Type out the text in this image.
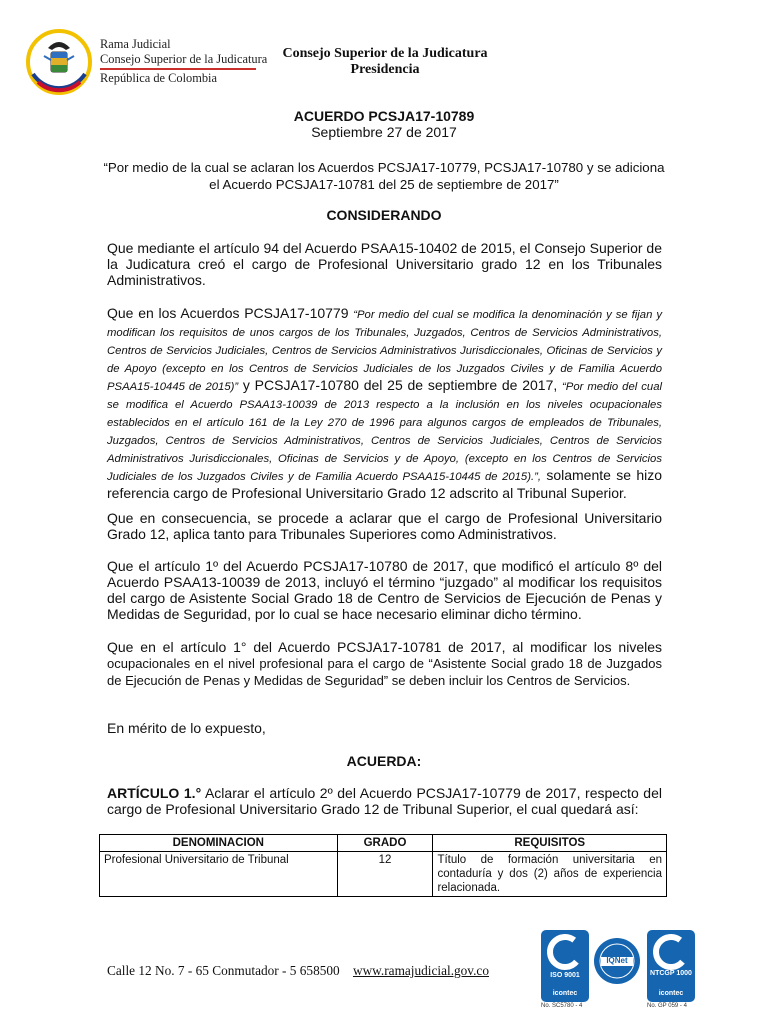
Rama Judicial
Consejo Superior de la Judicatura
República de Colombia
Consejo Superior de la Judicatura
Presidencia
ACUERDO PCSJA17-10789
Septiembre 27 de 2017
“Por medio de la cual se aclaran los Acuerdos PCSJA17-10779, PCSJA17-10780 y se adiciona el Acuerdo PCSJA17-10781 del 25 de septiembre de 2017”
CONSIDERANDO
Que mediante el artículo 94 del Acuerdo PSAA15-10402 de 2015, el Consejo Superior de la Judicatura creó el cargo de Profesional Universitario grado 12 en los Tribunales Administrativos.
Que en los Acuerdos PCSJA17-10779 “Por medio del cual se modifica la denominación y se fijan y modifican los requisitos de unos cargos de los Tribunales, Juzgados, Centros de Servicios Administrativos, Centros de Servicios Judiciales, Centros de Servicios Administrativos Jurisdiccionales, Oficinas de Servicios y de Apoyo (excepto en los Centros de Servicios Judiciales de los Juzgados Civiles y de Familia Acuerdo PSAA15-10445 de 2015)” y PCSJA17-10780 del 25 de septiembre de 2017, “Por medio del cual se modifica el Acuerdo PSAA13-10039 de 2013 respecto a la inclusión en los niveles ocupacionales establecidos en el artículo 161 de la Ley 270 de 1996 para algunos cargos de empleados de Tribunales, Juzgados, Centros de Servicios Administrativos, Centros de Servicios Judiciales, Centros de Servicios Administrativos Jurisdiccionales, Oficinas de Servicios y de Apoyo, (excepto en los Centros de Servicios Judiciales de los Juzgados Civiles y de Familia Acuerdo PSAA15-10445 de 2015).”, solamente se hizo referencia cargo de Profesional Universitario Grado 12 adscrito al Tribunal Superior.
Que en consecuencia, se procede a aclarar que el cargo de Profesional Universitario Grado 12, aplica tanto para Tribunales Superiores como Administrativos.
Que el artículo 1º del Acuerdo PCSJA17-10780 de 2017, que modificó el artículo 8º del Acuerdo PSAA13-10039 de 2013, incluyó el término “juzgado” al modificar los requisitos del cargo de Asistente Social Grado 18 de Centro de Servicios de Ejecución de Penas y Medidas de Seguridad, por lo cual se hace necesario eliminar dicho término.
Que en el artículo 1° del Acuerdo PCSJA17-10781 de 2017, al modificar los niveles ocupacionales en el nivel profesional para el cargo de “Asistente Social grado 18 de Juzgados de Ejecución de Penas y Medidas de Seguridad” se deben incluir los Centros de Servicios.
En mérito de lo expuesto,
ACUERDA:
ARTÍCULO 1.° Aclarar el artículo 2º del Acuerdo PCSJA17-10779 de 2017, respecto del cargo de Profesional Universitario Grado 12 de Tribunal Superior, el cual quedará así:
DENOMINACION	GRADO	REQUISITOS
Profesional Universitario de Tribunal	12	Título de formación universitaria en contaduría y dos (2) años de experiencia relacionada.
Calle 12 No. 7 - 65 Conmutador - 5 658500 www.ramajudicial.gov.co	ISO 9001
icontec
No. SC5780 - 4
IQNet
NTCGP 1000
icontec
No. GP 059 - 4
